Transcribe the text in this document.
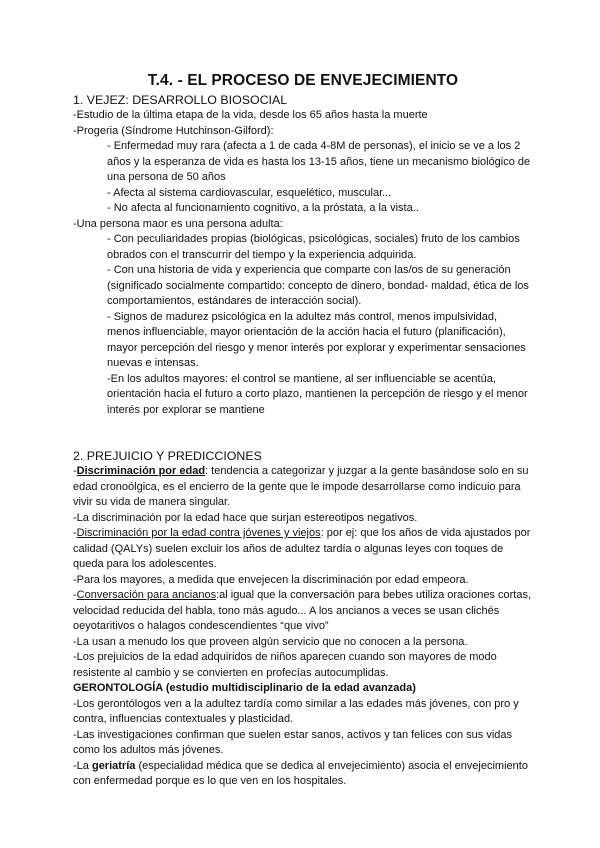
T.4. - EL PROCESO DE ENVEJECIMIENTO
1. VEJEZ: DESARROLLO BIOSOCIAL

-Estudio de la última etapa de la vida, desde los 65 años hasta la muerte

-Progeria (Síndrome Hutchinson-Gilford):

- Enfermedad muy rara (afecta a 1 de cada 4-8M de personas), el inicio se ve a los 2 años y la esperanza de vida es hasta los 13-15 años, tiene un mecanismo biológico de una persona de 50 años

- Afecta al sistema cardiovascular, esquelético, muscular...

- No afecta al funcionamiento cognitivo, a la próstata, a la vista..

-Una persona maor es una persona adulta:

- Con peculiaridades propias (biológicas, psicológicas, sociales) fruto de los cambios obrados con el transcurrir del tiempo y la experiencia adquirida.

- Con una historia de vida y experiencia que comparte con las/os de su generación (significado socialmente compartido: concepto de dinero, bondad- maldad, ética de los comportamientos, estándares de interacción social).

- Signos de madurez psicológica en la adultez más control, menos impulsividad, menos influenciable, mayor orientación de la acción hacia el futuro (planificación), mayor percepción del riesgo y menor interés por explorar y experimentar sensaciones nuevas e intensas.

-En los adultos mayores: el control se mantiene, al ser influenciable se acentúa, orientación hacia el futuro a corto plazo, mantienen la percepción de riesgo y el menor interés por explorar se mantiene

2. PREJUICIO Y PREDICCIONES

-Discriminación por edad: tendencia a categorizar y juzgar a la gente basándose solo en su edad cronoólgica, es el encierro de la gente que le impode desarrollarse como indicuio para vivir su vida de manera singular.

-La discriminación por la edad hace que surjan estereotipos negativos.

-Discriminación por la edad contra jóvenes y viejos: por ej: que los años de vida ajustados por calidad (QALYs) suelen excluir los años de adultez tardía o algunas leyes con toques de queda para los adolescentes.

-Para los mayores, a medida que envejecen la discriminación por edad empeora.

-Conversación para ancianos:al igual que la conversación para bebes utiliza oraciones cortas, velocidad reducida del habla, tono más agudo... A los ancianos a veces se usan clichés oeyotaritivos o halagos condescendientes “que vivo”

-La usan a menudo los que proveen algún servicio que no conocen a la persona.

-Los prejuicios de la edad adquiridos de niños aparecen cuando son mayores de modo resistente al cambio y se convierten en profecías autocumplidas.

GERONTOLOGÍA (estudio multidisciplinario de la edad avanzada)

-Los gerontólogos ven a la adultez tardía como similar a las edades más jóvenes, con pro y contra, influencias contextuales y plasticidad.

-Las investigaciones confirman que suelen estar sanos, activos y tan felices con sus vidas como los adultos más jóvenes.

-La geriatría (especialidad médica que se dedica al envejecimiento) asocia el envejecimiento con enfermedad porque es lo que ven en los hospitales.
